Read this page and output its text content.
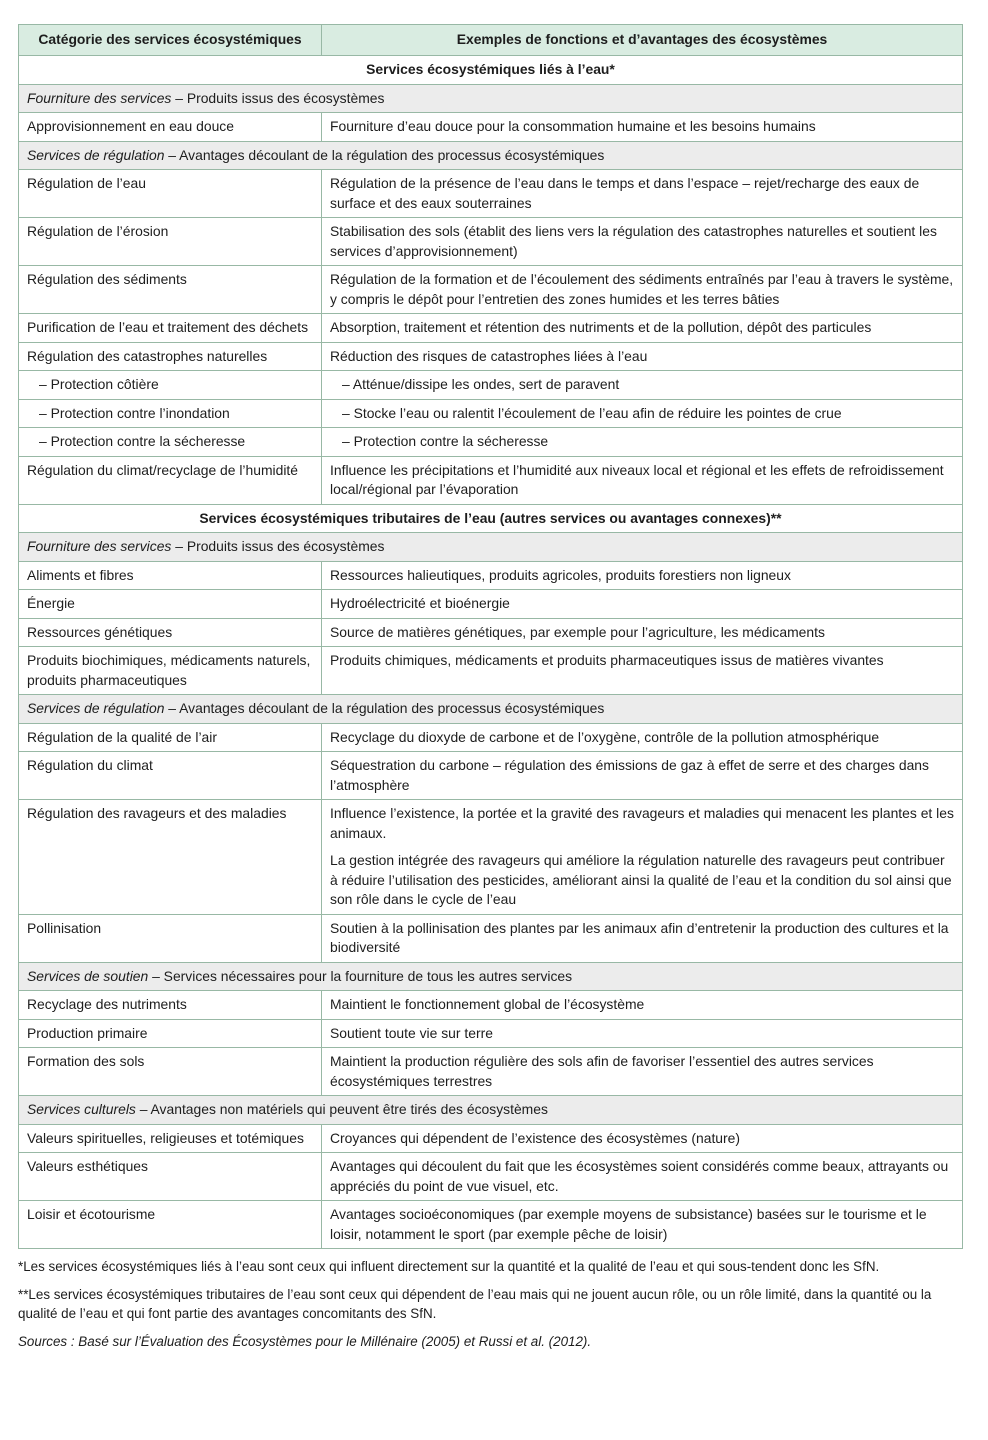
Catégorie des services écosystémiques	Exemples de fonctions et d’avantages des écosystèmes
Services écosystémiques liés à l’eau*	
Fourniture des services – Produits issus des écosystèmes	
Approvisionnement en eau douce	Fourniture d’eau douce pour la consommation humaine et les besoins humains
Services de régulation – Avantages découlant de la régulation des processus écosystémiques	
Régulation de l’eau	Régulation de la présence de l’eau dans le temps et dans l’espace – rejet/recharge des eaux de surface et des eaux souterraines
Régulation de l’érosion	Stabilisation des sols (établit des liens vers la régulation des catastrophes naturelles et soutient les services d’approvisionnement)
Régulation des sédiments	Régulation de la formation et de l’écoulement des sédiments entraînés par l’eau à travers le système, y compris le dépôt pour l’entretien des zones humides et les terres bâties
Purification de l’eau et traitement des déchets	Absorption, traitement et rétention des nutriments et de la pollution, dépôt des particules
Régulation des catastrophes naturelles	Réduction des risques de catastrophes liées à l’eau
– Protection côtière	– Atténue/dissipe les ondes, sert de paravent
– Protection contre l’inondation	– Stocke l’eau ou ralentit l’écoulement de l’eau afin de réduire les pointes de crue
– Protection contre la sécheresse	– Protection contre la sécheresse
Régulation du climat/recyclage de l’humidité	Influence les précipitations et l’humidité aux niveaux local et régional et les effets de refroidissement local/régional par l’évaporation
Services écosystémiques tributaires de l’eau (autres services ou avantages connexes)**	
Fourniture des services – Produits issus des écosystèmes	
Aliments et fibres	Ressources halieutiques, produits agricoles, produits forestiers non ligneux
Énergie	Hydroélectricité et bioénergie
Ressources génétiques	Source de matières génétiques, par exemple pour l’agriculture, les médicaments
Produits biochimiques, médicaments naturels, produits pharmaceutiques	Produits chimiques, médicaments et produits pharmaceutiques issus de matières vivantes
Services de régulation – Avantages découlant de la régulation des processus écosystémiques	
Régulation de la qualité de l’air	Recyclage du dioxyde de carbone et de l’oxygène, contrôle de la pollution atmosphérique
Régulation du climat	Séquestration du carbone – régulation des émissions de gaz à effet de serre et des charges dans l’atmosphère
Régulation des ravageurs et des maladies	Influence l’existence, la portée et la gravité des ravageurs et maladies qui menacent les plantes et les animaux.
La gestion intégrée des ravageurs qui améliore la régulation naturelle des ravageurs peut contribuer à réduire l’utilisation des pesticides, améliorant ainsi la qualité de l’eau et la condition du sol ainsi que son rôle dans le cycle de l’eau

Pollinisation	Soutien à la pollinisation des plantes par les animaux afin d’entretenir la production des cultures et la biodiversité
Services de soutien – Services nécessaires pour la fourniture de tous les autres services	
Recyclage des nutriments	Maintient le fonctionnement global de l’écosystème
Production primaire	Soutient toute vie sur terre
Formation des sols	Maintient la production régulière des sols afin de favoriser l’essentiel des autres services écosystémiques terrestres
Services culturels – Avantages non matériels qui peuvent être tirés des écosystèmes	
Valeurs spirituelles, religieuses et totémiques	Croyances qui dépendent de l’existence des écosystèmes (nature)
Valeurs esthétiques	Avantages qui découlent du fait que les écosystèmes soient considérés comme beaux, attrayants ou appréciés du point de vue visuel, etc.
Loisir et écotourisme	Avantages socioéconomiques (par exemple moyens de subsistance) basées sur le tourisme et le loisir, notamment le sport (par exemple pêche de loisir)

*Les services écosystémiques liés à l’eau sont ceux qui influent directement sur la quantité et la qualité de l’eau et qui sous-tendent donc les SfN.

**Les services écosystémiques tributaires de l’eau sont ceux qui dépendent de l’eau mais qui ne jouent aucun rôle, ou un rôle limité, dans la quantité ou la qualité de l’eau et qui font partie des avantages concomitants des SfN.

Sources : Basé sur l’Évaluation des Écosystèmes pour le Millénaire (2005) et Russi et al. (2012).
